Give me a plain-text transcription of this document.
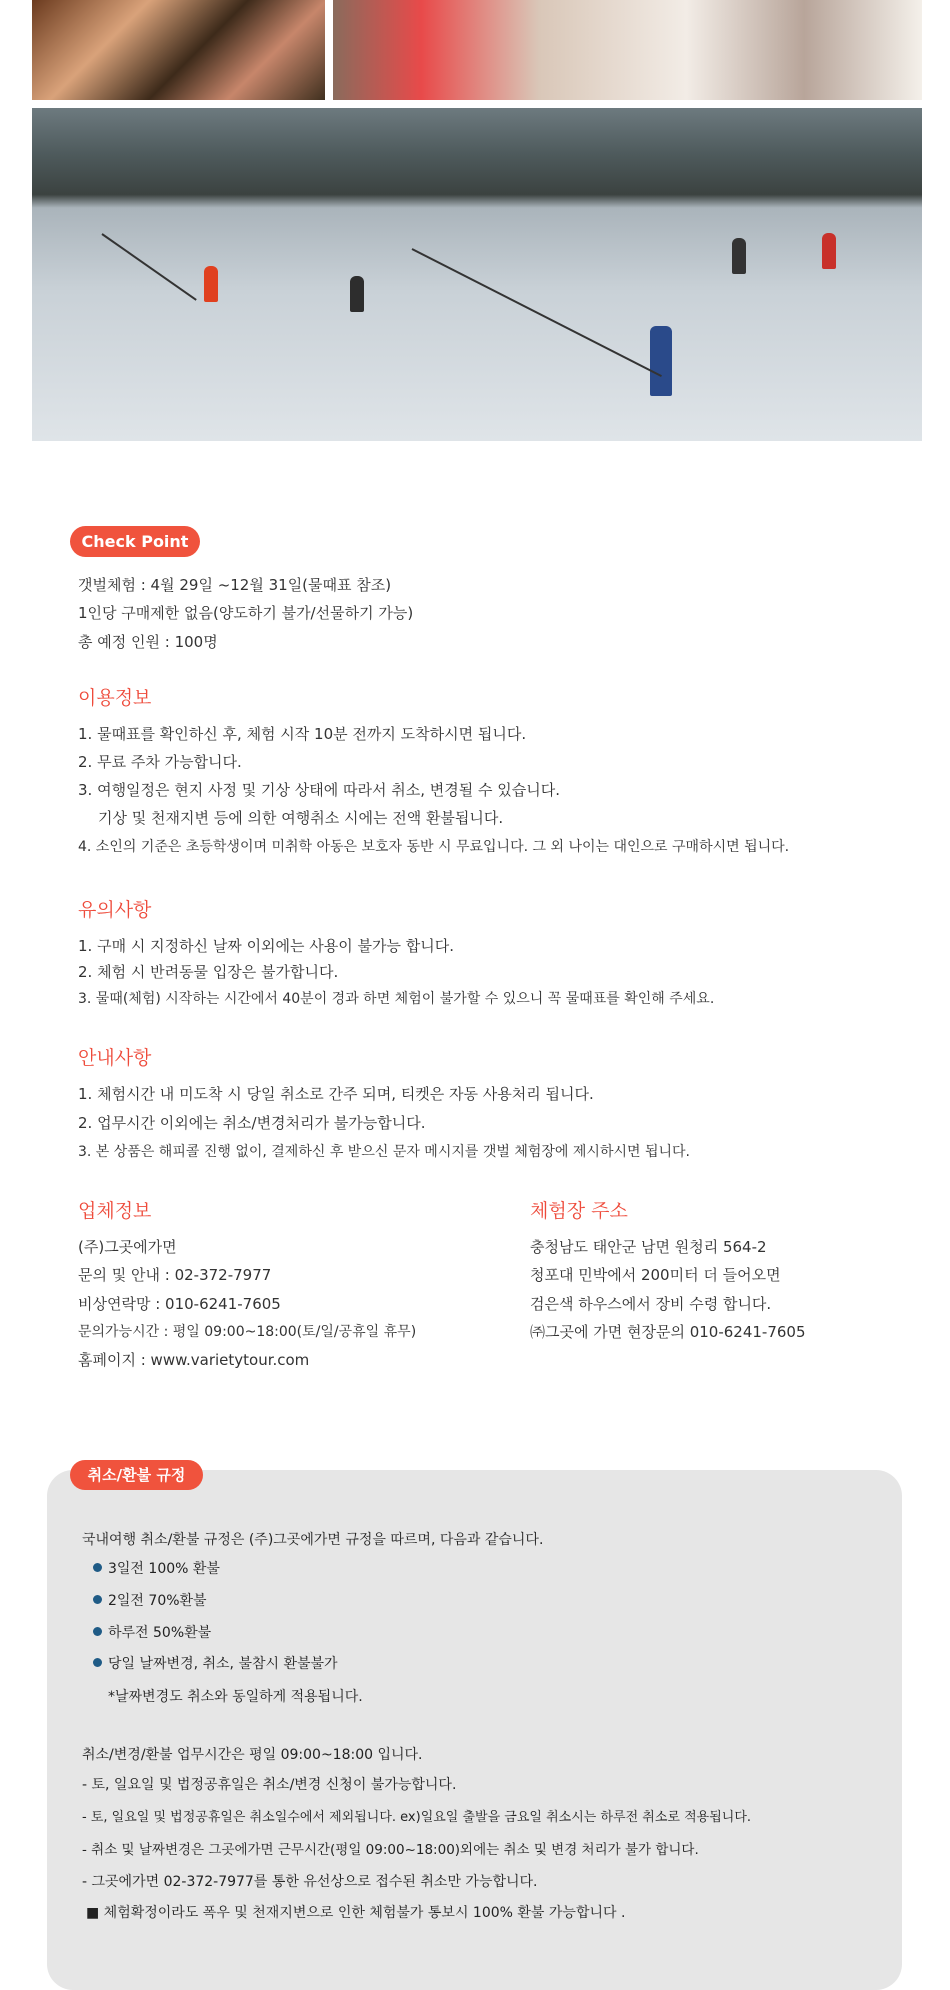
Check Point
갯벌체험 : 4월 29일 ~12월 31일(물때표 참조)
1인당 구매제한 없음(양도하기 불가/선물하기 가능)
총 예정 인원 : 100명
이용정보
1. 물때표를 확인하신 후, 체험 시작 10분 전까지 도착하시면 됩니다.
2. 무료 주차 가능합니다.
3. 여행일정은 현지 사정 및 기상 상태에 따라서 취소, 변경될 수 있습니다.
기상 및 천재지변 등에 의한 여행취소 시에는 전액 환불됩니다.
4. 소인의 기준은 초등학생이며 미취학 아동은 보호자 동반 시 무료입니다. 그 외 나이는 대인으로 구매하시면 됩니다.
유의사항
1. 구매 시 지정하신 날짜 이외에는 사용이 불가능 합니다.
2. 체험 시 반려동물 입장은 불가합니다.
3. 물때(체험) 시작하는 시간에서 40분이 경과 하면 체험이 불가할 수 있으니 꼭 물때표를 확인해 주세요.
안내사항
1. 체험시간 내 미도착 시 당일 취소로 간주 되며, 티켓은 자동 사용처리 됩니다.
2. 업무시간 이외에는 취소/변경처리가 불가능합니다.
3. 본 상품은 해피콜 진행 없이, 결제하신 후 받으신 문자 메시지를 갯벌 체험장에 제시하시면 됩니다.
업체정보
(주)그곳에가면
문의 및 안내 : 02-372-7977
비상연락망 : 010-6241-7605
문의가능시간 : 평일 09:00~18:00(토/일/공휴일 휴무)
홈페이지 : www.varietytour.com
체험장 주소
충청남도 태안군 남면 원청리 564-2
청포대 민박에서 200미터 더 들어오면
검은색 하우스에서 장비 수령 합니다.
㈜그곳에 가면 현장문의 010-6241-7605
취소/환불 규정
국내여행 취소/환불 규정은 (주)그곳에가면 규정을 따르며, 다음과 같습니다.
3일전 100% 환불
2일전 70%환불
하루전 50%환불
당일 날짜변경, 취소, 불참시 환불불가
*날짜변경도 취소와 동일하게 적용됩니다.
취소/변경/환불 업무시간은 평일 09:00~18:00 입니다.
- 토, 일요일 및 법정공휴일은 취소/변경 신청이 불가능합니다.
- 토, 일요일 및 법정공휴일은 취소일수에서 제외됩니다. ex)일요일 출발을 금요일 취소시는 하루전 취소로 적용됩니다.
- 취소 및 날짜변경은 그곳에가면 근무시간(평일 09:00~18:00)외에는 취소 및 변경 처리가 불가 합니다.
- 그곳에가면 02-372-7977를 통한 유선상으로 접수된 취소만 가능합니다.
■ 체험확정이라도 폭우 및 천재지변으로 인한 체험불가 통보시 100% 환불 가능합니다 .
